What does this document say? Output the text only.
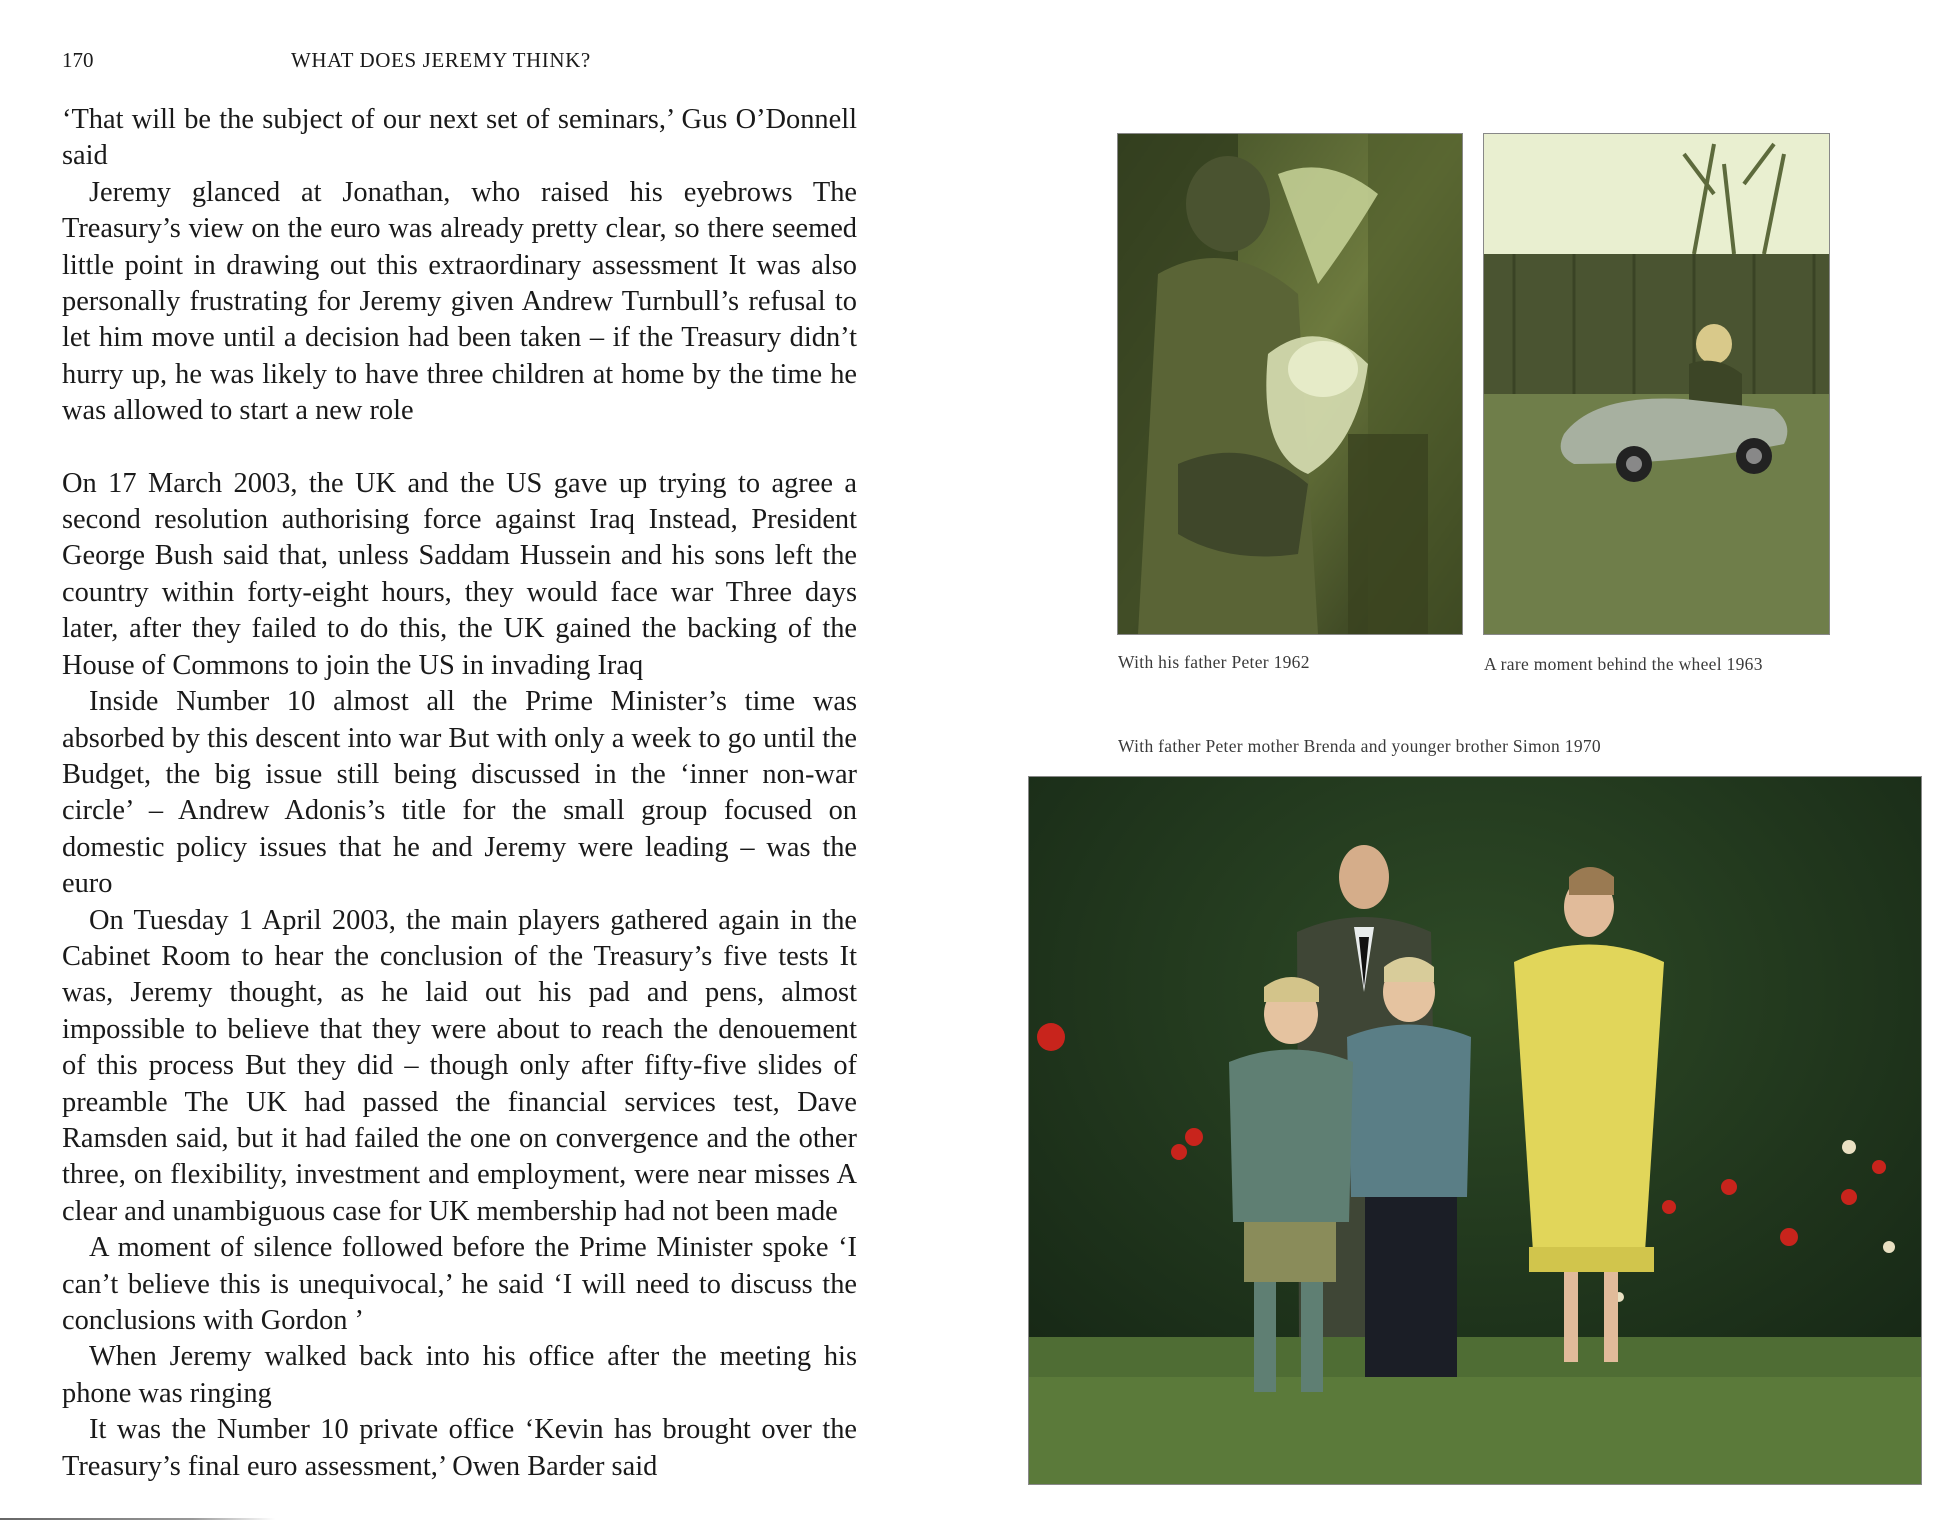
170	WHAT DOES JEREMY THINK?

‘That will be the subject of our next set of seminars,’ Gus O’Donnell said

Jeremy glanced at Jonathan, who raised his eyebrows The Treasury’s view on the euro was already pretty clear, so there seemed little point in drawing out this extraordinary assessment It was also personally frustrating for Jeremy given Andrew Turnbull’s refusal to let him move until a decision had been taken – if the Treasury didn’t hurry up, he was likely to have three children at home by the time he was allowed to start a new role

On 17 March 2003, the UK and the US gave up trying to agree a second resolution authorising force against Iraq Instead, President George Bush said that, unless Saddam Hussein and his sons left the country within forty-eight hours, they would face war Three days later, after they failed to do this, the UK gained the backing of the House of Commons to join the US in invading Iraq

Inside Number 10 almost all the Prime Minister’s time was absorbed by this descent into war But with only a week to go until the Budget, the big issue still being discussed in the ‘inner non-war circle’ – Andrew Adonis’s title for the small group focused on domestic policy issues that he and Jeremy were leading – was the euro

On Tuesday 1 April 2003, the main players gathered again in the Cabinet Room to hear the conclusion of the Treasury’s five tests It was, Jeremy thought, as he laid out his pad and pens, almost impossible to believe that they were about to reach the denouement of this process But they did – though only after fifty-five slides of preamble The UK had passed the financial services test, Dave Ramsden said, but it had failed the one on convergence and the other three, on flexibility, investment and employment, were near misses A clear and unambiguous case for UK membership had not been made

A moment of silence followed before the Prime Minister spoke ‘I can’t believe this is unequivocal,’ he said ‘I will need to discuss the conclusions with Gordon ’

When Jeremy walked back into his office after the meeting his phone was ringing

It was the Number 10 private office ‘Kevin has brought over the Treasury’s final euro assessment,’ Owen Barder said

With his father Peter 1962	A rare moment behind the wheel 1963
With father Peter mother Brenda and younger brother Simon 1970
